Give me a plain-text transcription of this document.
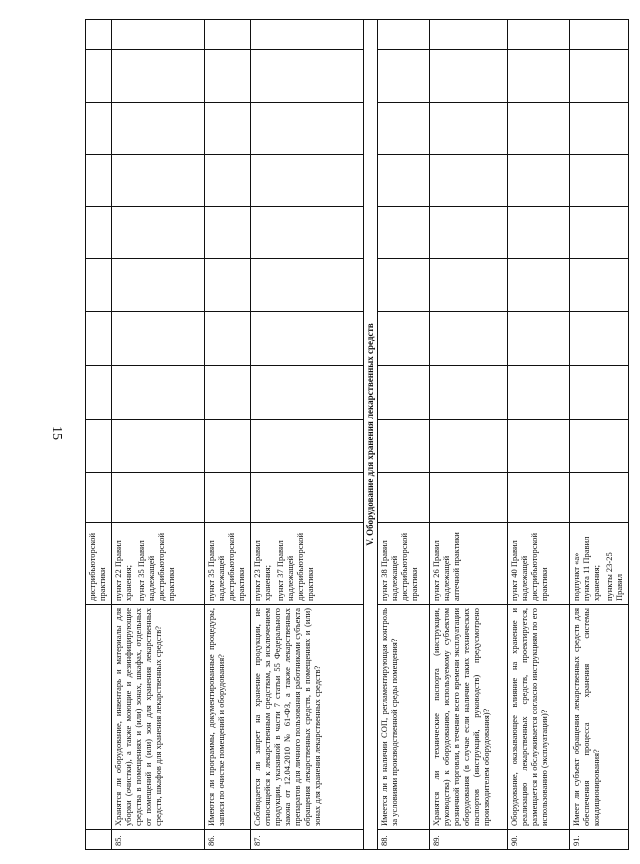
15

		дистрибьюторской практики										

85.	Хранятся ли оборудование, инвентарь и материалы для уборки (очистки), а также моющие и дезинфицирующие средства в помещениях и (или) зонах, шкафах, отдельных от помещений и (или) зон для хранения лекарственных средств, шкафов для хранения лекарственных средств?	пункт 22 Правил хранения; пункт 35 Правил надлежащей дистрибьюторской практики										

86.	Имеются ли программы, документированные процедуры, записи по очистке помещений и оборудования?	пункт 35 Правил надлежащей дистрибьюторской практики										

87.	Соблюдается ли запрет на хранение продукции, не относящейся к лекарственным средствам, за исключением продукции, указанной в части 7 статьи 55 Федерального закона от 12.04.2010 № 61-ФЗ, а также лекарственных препаратов для личного пользования работниками субъекта обращения лекарственных средств, в помещениях и (или) зонах для хранения лекарственных средств?	пункт 23 Правил хранения; пункт 37 Правил надлежащей дистрибьюторской практики										

V. Оборудование для хранения лекарственных средств												
88.	Имеется ли в наличии СОП, регламентирующая контроль за условиями производственной среды помещения?	пункт 38 Правил надлежащей дистрибьюторской практики										

89.	Хранятся ли технические паспорта (инструкции, руководства) к оборудованию, используемому субъектом розничной торговли, в течение всего времени эксплуатации оборудования (в случае если наличие таких технических паспортов (инструкций, руководств) предусмотрено производителем оборудования)?	пункт 26 Правил надлежащей аптечной практики										

90.	Оборудование, оказывающее влияние на хранение и реализацию лекарственных средств, проектируется, размещается и обслуживается согласно инструкциям по его использованию (эксплуатации)?	пункт 40 Правил надлежащей дистрибьюторской практики										

91.	Имеет ли субъект обращения лекарственных средств для обеспечения процесса хранения системы кондиционирования?	подпункт «а» пункта 11 Правил хранения; пункты 23-25 Правил										
